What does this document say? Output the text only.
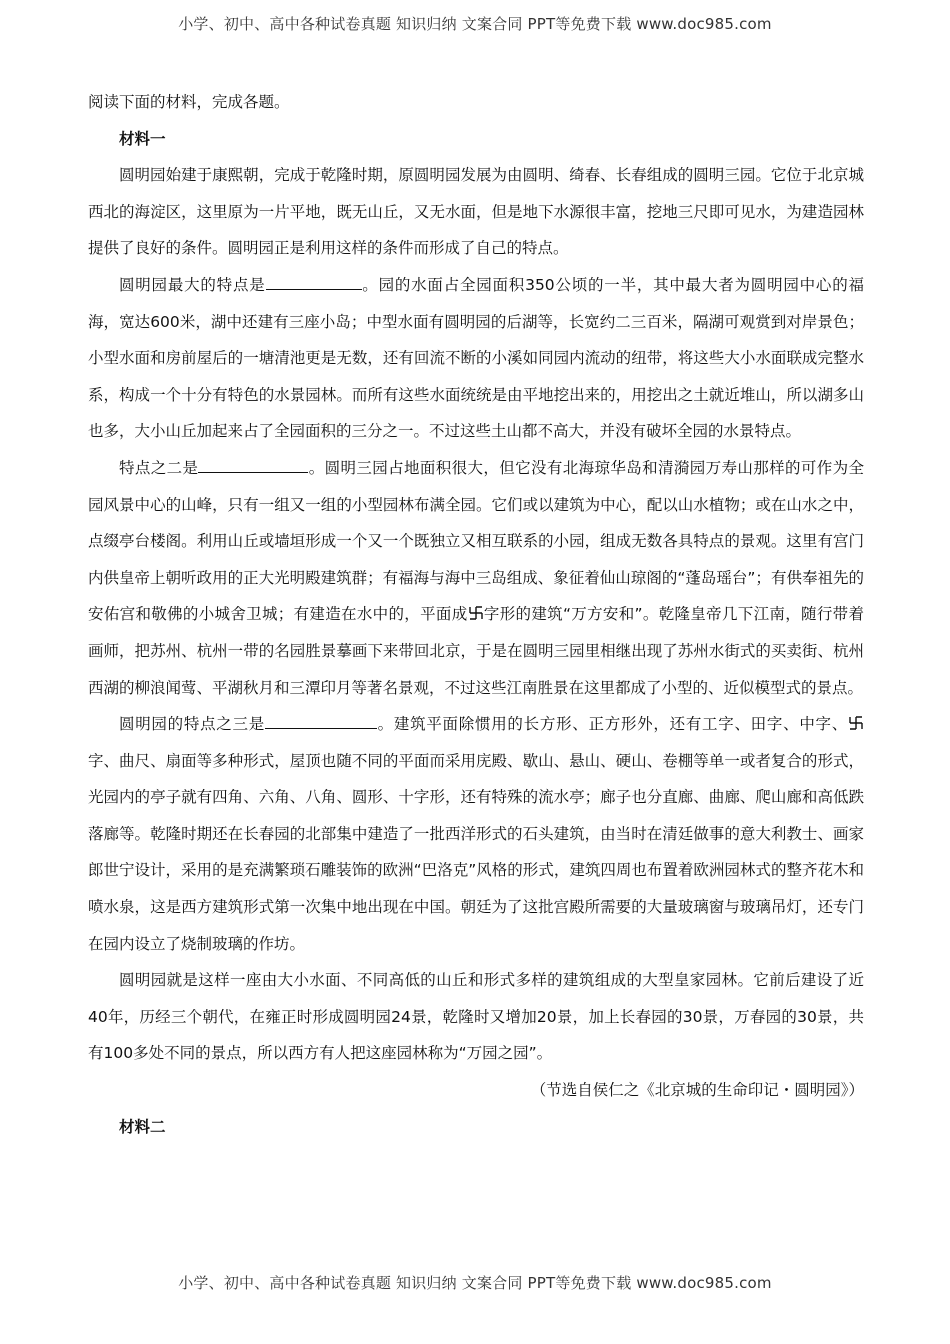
小学、初中、高中各种试卷真题 知识归纳 文案合同 PPT等免费下载 www.doc985.com

阅读下面的材料，完成各题。

材料一

圆明园始建于康熙朝，完成于乾隆时期，原圆明园发展为由圆明、绮春、长春组成的圆明三园。它位于北京城西北的海淀区，这里原为一片平地，既无山丘，又无水面，但是地下水源很丰富，挖地三尺即可见水，为建造园林提供了良好的条件。圆明园正是利用这样的条件而形成了自己的特点。

圆明园最大的特点是	。园的水面占全园面积350公顷的一半，其中最大者为圆明园中心的福海，宽达600米，湖中还建有三座小岛；中型水面有圆明园的后湖等，长宽约二三百米，隔湖可观赏到对岸景色；小型水面和房前屋后的一塘清池更是无数，还有回流不断的小溪如同园内流动的纽带，将这些大小水面联成完整水系，构成一个十分有特色的水景园林。而所有这些水面统统是由平地挖出来的，用挖出之土就近堆山，所以湖多山也多，大小山丘加起来占了全园面积的三分之一。不过这些土山都不高大，并没有破坏全园的水景特点。

特点之二是	。圆明三园占地面积很大，但它没有北海琼华岛和清漪园万寿山那样的可作为全园风景中心的山峰，只有一组又一组的小型园林布满全园。它们或以建筑为中心，配以山水植物；或在山水之中，点缀亭台楼阁。利用山丘或墙垣形成一个又一个既独立又相互联系的小园，组成无数各具特点的景观。这里有宫门内供皇帝上朝听政用的正大光明殿建筑群；有福海与海中三岛组成、象征着仙山琼阁的“蓬岛瑶台”；有供奉祖先的安佑宫和敬佛的小城舍卫城；有建造在水中的，平面成 字形的建筑“万方安和”。乾隆皇帝几下江南，随行带着画师，把苏州、杭州一带的名园胜景摹画下来带回北京，于是在圆明三园里相继出现了苏州水街式的买卖街、杭州西湖的柳浪闻莺、平湖秋月和三潭印月等著名景观，不过这些江南胜景在这里都成了小型的、近似模型式的景点。

圆明园的特点之三是	。建筑平面除惯用的长方形、正方形外，还有工字、田字、中字、
字、曲尺、扇面等多种形式，屋顶也随不同的平面而采用庑殿、歇山、悬山、硬山、卷棚等单一或者复合的形式，光园内的亭子就有四角、六角、八角、圆形、十字形，还有特殊的流水亭；廊子也分直廊、曲廊、爬山廊和高低跌落廊等。乾隆时期还在长春园的北部集中建造了一批西洋形式的石头建筑，由当时在清廷做事的意大利教士、画家郎世宁设计，采用的是充满繁琐石雕装饰的欧洲“巴洛克”风格的形式，建筑四周也布置着欧洲园林式的整齐花木和喷水泉，这是西方建筑形式第一次集中地出现在中国。朝廷为了这批宫殿所需要的大量玻璃窗与玻璃吊灯，还专门在园内设立了烧制玻璃的作坊。

圆明园就是这样一座由大小水面、不同高低的山丘和形式多样的建筑组成的大型皇家园林。它前后建设了近40年，历经三个朝代，在雍正时形成圆明园24景，乾隆时又增加20景，加上长春园的30景，万春园的30景，共有100多处不同的景点，所以西方有人把这座园林称为“万园之园”。

（节选自侯仁之《北京城的生命印记・圆明园》）

材料二

小学、初中、高中各种试卷真题 知识归纳 文案合同 PPT等免费下载 www.doc985.com
